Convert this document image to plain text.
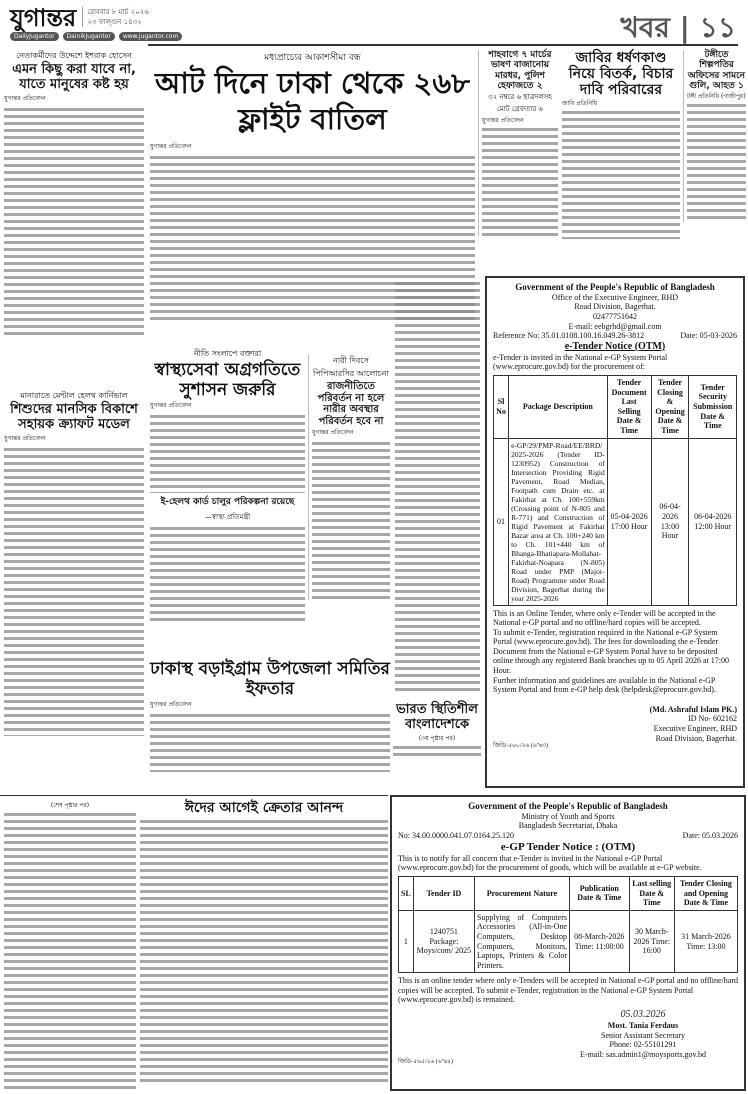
যুগান্তর রোববার ৮ মার্চ ২০২৬
২৩ ফাল্গুন ১৪৩২
DailyJugantor	DainikJugantor	www.jugantor.com	খবর | ১১
নেতাকর্মীদের উদ্দেশে ইশরাক হোসেন
এমন কিছু করা যাবে না, যাতে মানুষের কষ্ট হয়
যুগান্তর প্রতিবেদন
মানারাতে মেন্টাল হেলথ কার্নিভাল
শিশুদের মানসিক বিকাশে সহায়ক ক্র্যাফট মডেল
যুগান্তর প্রতিবেদন
মধ্যপ্রাচ্যের আকাশসীমা বন্ধ
আট দিনে ঢাকা থেকে ২৬৮ ফ্লাইট বাতিল
যুগান্তর প্রতিবেদন
নীতি সংলাপে বক্তারা
স্বাস্থ্যসেবা অগ্রগতিতে সুশাসন জরুরি
যুগান্তর প্রতিবেদন
ই-হেলথ কার্ড চালুর পরিকল্পনা রয়েছে
—স্বাস্থ্য প্রতিমন্ত্রী
নারী দিবসে পিপিআরসির আলোচনা
রাজনীতিতে পরিবর্তন না হলে নারীর অবস্থার পরিবর্তন হবে না
যুগান্তর প্রতিবেদন
ঢাকাস্থ বড়াইগ্রাম উপজেলা সমিতির ইফতার
যুগান্তর প্রতিবেদন
শাহবাগে ৭ মার্চের ভাষণ বাজানোয় মারধর, পুলিশ হেফাজতে ২
৩২ নম্বরে ৬ ছাত্রদলসহ মোট গ্রেফতার ৬
যুগান্তর প্রতিবেদন
জাবির ধর্ষণকাণ্ড নিয়ে বিতর্ক, বিচার দাবি পরিবারের
জাবি প্রতিনিধি
টঙ্গীতে শিল্পপতির অফিসের সামনে গুলি, আহত ১
টঙ্গী প্রতিনিধি (গাজীপুর)
ভারত স্থিতিশীল বাংলাদেশকে
(৩য় পৃষ্ঠার পর)
Government of the People's Republic of Bangladesh
Office of the Executive Engineer, RHD
Road Division, Bagerhat.
02477751642
E-mail: eebgrhd@gmail.com
Reference No: 35.01.0108.100.16.049.26-3812	Date: 05-03-2026
e-Tender Notice (OTM)
e-Tender is invited in the National e-GP System Portal (www.eprocure.gov.bd) for the procurement of:
Sl No	Package Description	Tender Document Last Selling Date & Time	Tender Closing & Opening Date & Time	Tender Security Submission Date & Time
01	e-GP/29/PMP-Road/EE/BRD/ 2025-2026 (Tender ID- 1230952) Construction of Intersection Providing Rigid Pavement, Road Median, Footpath cum Drain etc. at Fakirhat at Ch. 100+559km (Crossing point of N-805 and R-771) and Construction of Rigid Pavement at Fakirhat Bazar area at Ch. 100+240 km to Ch. 101+440 km of Bhanga-Bhatiapara-Mollahat-Fakirhat-Noapara (N-805) Road under PMP (Major-Road) Programme under Road Division, Bagerhat during the year 2025-2026	05-04-2026 17:00 Hour	06-04-2026 13:00 Hour	06-04-2026 12:00 Hour
This is an Online Tender, where only e-Tender will be accepted in the National e-GP portal and no offline/hard copies will be accepted.
To submit e-Tender, registration required in the National e-GP System Portal (www.eprocure.gov.bd). The fees for downloading the e-Tender Document from the National e-GP System Portal have to be deposited online through any registered Bank branches up to 05 April 2026 at 17:00 Hour.
Further information and guidelines are available in the National e-GP System Portal and from e-GP help desk (helpdesk@eprocure.gov.bd).
(Md. Ashraful Islam PK.)
ID No- 602162
Executive Engineer, RHD
Road Division, Bagerhat.
জিডি-৫৬০/২৬ (৬''x৩)
(শেষ পৃষ্ঠার পর)	ঈদের আগেই ক্রেতার আনন্দ	Government of the People's Republic of Bangladesh
Ministry of Youth and Sports
Bangladesh Secretariat, Dhaka
No: 34.00.0000.041.07.0164.25.120	Date: 05.03.2026
e-GP Tender Notice : (OTM)
This is to notify for all concern that e-Tender is invited in the National e-GP Portal (www.eprocure.gov.bd) for the procurement of goods, which will be available at e-GP website.
SL	Tender ID	Procurement Nature	Publication Date & Time	Last selling Date & Time	Tender Closing and Opening Date & Time
1	1240751 Package: Moys/com/ 2025	Supplying of Computers Accessories (All-in-One Computers, Desktop Computers, Monitors, Laptops, Printers & Color Printers.	08-March-2026 Time: 11:00:00	30 March-2026 Time: 16:00	31 March-2026 Time: 13:00
This is an online tender where only e-Tenders will be accepted in National e-GP portal and no offline/hard copies will be accepted. To submit e-Tender, registration in the National e-GP System Portal (www.eprocure.gov.bd) is remained.
05.03.2026
Most. Tania Ferdaus
Senior Assistant Secretary
Phone: 02-55101291
E-mail: sas.admin1@moysports.gov.bd
জিডি-৫৬৫/২৬ (৬''x৪)
